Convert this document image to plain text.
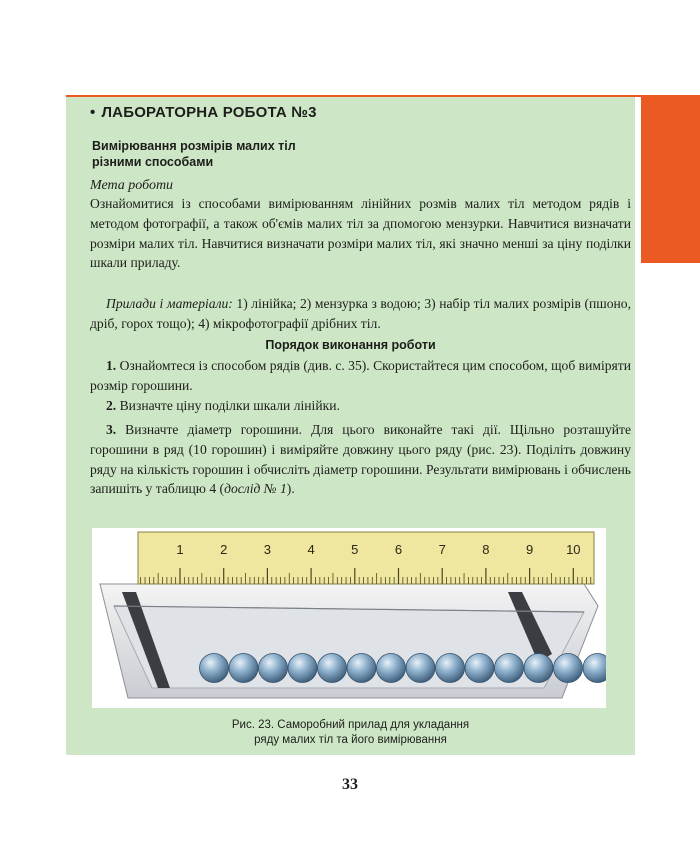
• ЛАБОРАТОРНА РОБОТА №3
Вимірювання розмірів малих тіл
різними способами
Мета роботи
Ознайомитися із способами вимірюванням лінійних розмів малих тіл методом рядів і методом фотографії, а також об'ємів малих тіл за дпомогою мензурки. Навчитися визначати розміри малих тіл. Навчитися визначати розміри малих тіл, які значно менші за ціну поділки шкали приладу.
Прилади і матеріали: 1) лінійка; 2) мензурка з водою; 3) набір тіл малих розмірів (пшоно, дріб, горох тощо); 4) мікрофотографії дрібних тіл.
Порядок виконання роботи
1. Ознайомтеся із способом рядів (див. с. 35). Скористайтеся цим способом, щоб виміряти розмір горошини.
2. Визначте ціну поділки шкали лінійки.
3. Визначте діаметр горошини. Для цього виконайте такі дії. Щільно розташуйте горошини в ряд (10 горошин) і виміряйте довжину цього ряду (рис. 23). Поділіть довжину ряду на кількість горошин і обчисліть діаметр горошини. Результати вимірювань і обчислень запишіть у таблицю 4 (дослід № 1).
1	2	3	4	5	6	7	8	9	10
Рис. 23. Саморобний прилад для укладання
ряду малих тіл та його вимірювання
33
